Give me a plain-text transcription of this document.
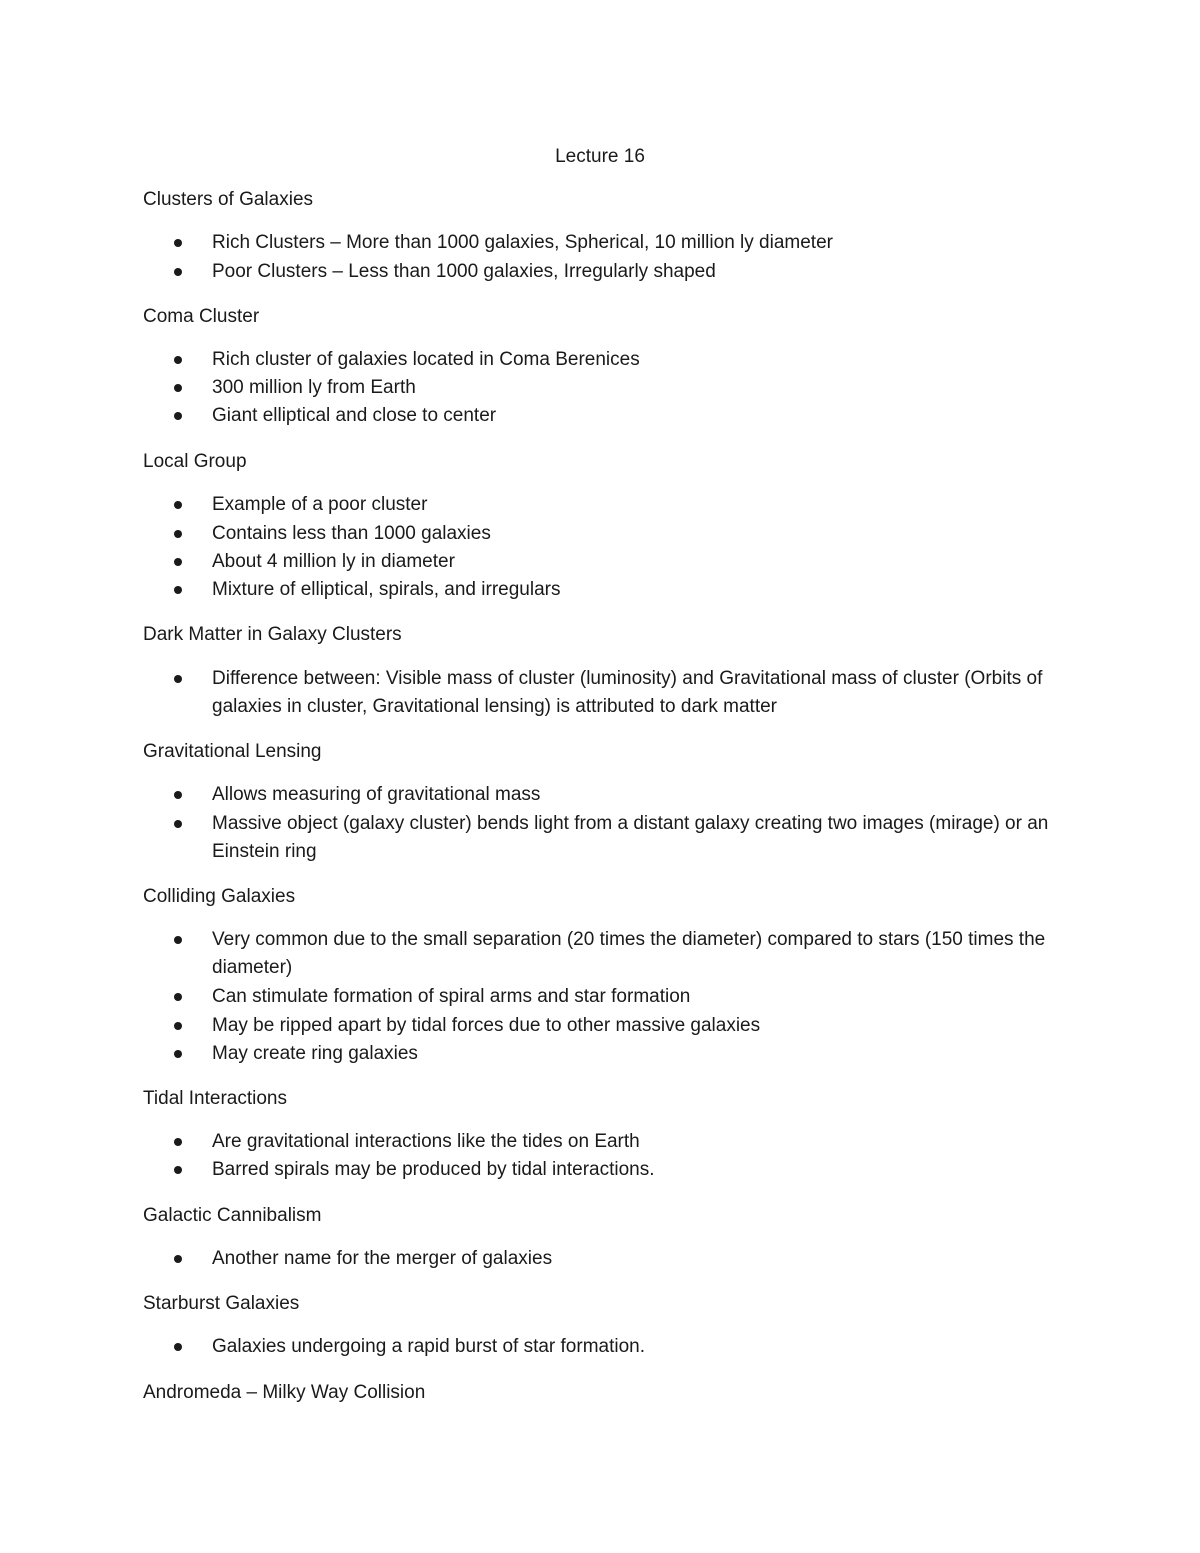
Lecture 16
Clusters of Galaxies
Rich Clusters – More than 1000 galaxies, Spherical, 10 million ly diameter
Poor Clusters – Less than 1000 galaxies, Irregularly shaped
Coma Cluster
Rich cluster of galaxies located in Coma Berenices
300 million ly from Earth
Giant elliptical and close to center
Local Group
Example of a poor cluster
Contains less than 1000 galaxies
About 4 million ly in diameter
Mixture of elliptical, spirals, and irregulars
Dark Matter in Galaxy Clusters
Difference between: Visible mass of cluster (luminosity) and Gravitational mass of cluster (Orbits of galaxies in cluster, Gravitational lensing) is attributed to dark matter
Gravitational Lensing
Allows measuring of gravitational mass
Massive object (galaxy cluster) bends light from a distant galaxy creating two images (mirage) or an Einstein ring
Colliding Galaxies
Very common due to the small separation (20 times the diameter) compared to stars (150 times the diameter)
Can stimulate formation of spiral arms and star formation
May be ripped apart by tidal forces due to other massive galaxies
May create ring galaxies
Tidal Interactions
Are gravitational interactions like the tides on Earth
Barred spirals may be produced by tidal interactions.
Galactic Cannibalism
Another name for the merger of galaxies
Starburst Galaxies
Galaxies undergoing a rapid burst of star formation.
Andromeda – Milky Way Collision
